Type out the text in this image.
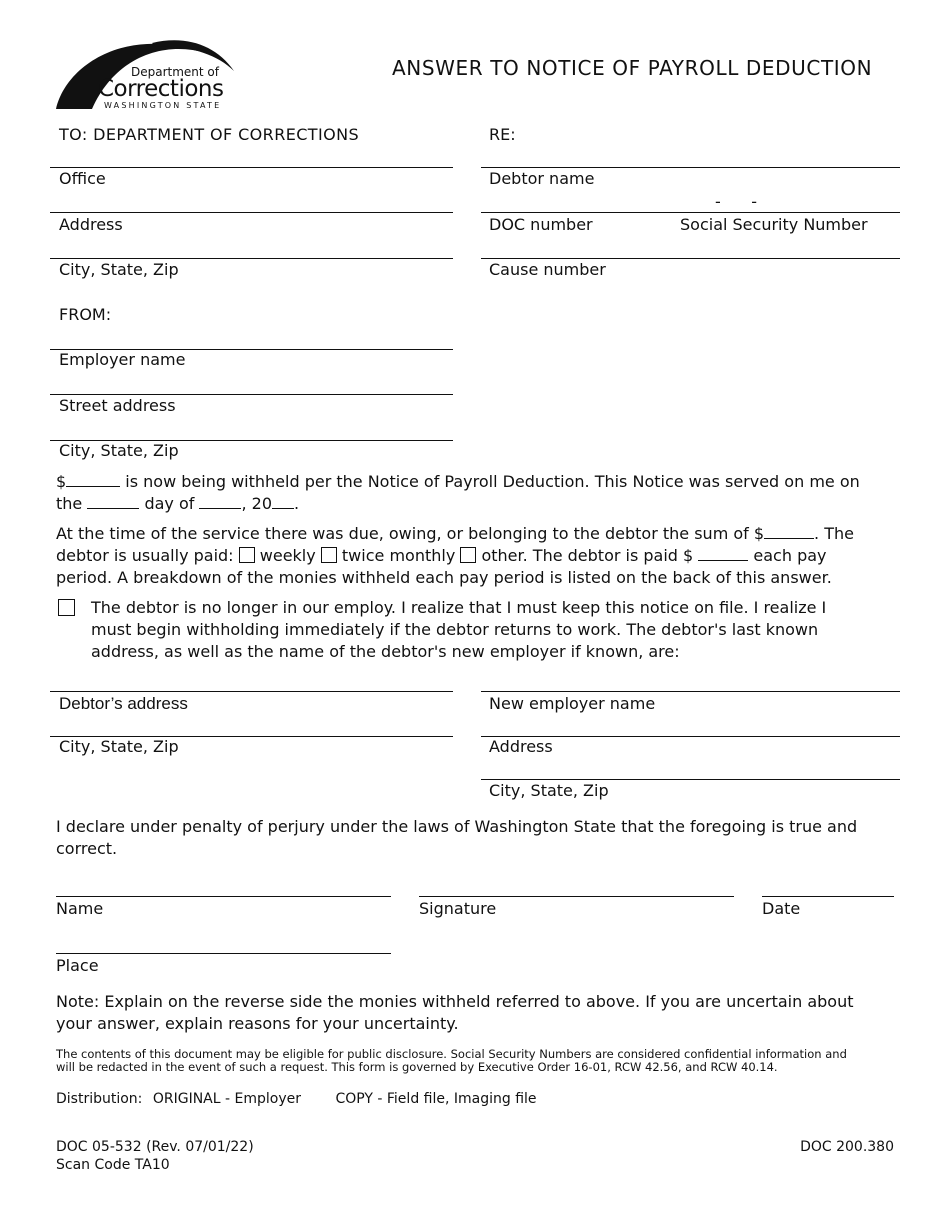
Department of
Corrections
WASHINGTON STATE
ANSWER TO NOTICE OF PAYROLL DEDUCTION
TO: DEPARTMENT OF CORRECTIONS
Office
Address
City, State, Zip
RE:
Debtor name
-      -
DOC number	Social Security Number
Cause number
FROM:
Employer name
Street address
City, State, Zip
$	is now being withheld per the Notice of Payroll Deduction. This Notice was served on me on
the	day of	, 20 .
At the time of the service there was due, owing, or belonging to the debtor the sum of $	. The
debtor is usually paid: weekly twice monthly other. The debtor is paid $	each pay
period. A breakdown of the monies withheld each pay period is listed on the back of this answer.
The debtor is no longer in our employ. I realize that I must keep this notice on file. I realize I
must begin withholding immediately if the debtor returns to work. The debtor's last known
address, as well as the name of the debtor's new employer if known, are:
Debtor’s address
City, State, Zip
New employer name
Address
City, State, Zip
I declare under penalty of perjury under the laws of Washington State that the foregoing is true and
correct.
Name	Signature	Date
Place
Note: Explain on the reverse side the monies withheld referred to above. If you are uncertain about
your answer, explain reasons for your uncertainty.
The contents of this document may be eligible for public disclosure. Social Security Numbers are considered confidential information and
will be redacted in the event of such a request. This form is governed by Executive Order 16-01, RCW 42.56, and RCW 40.14.
Distribution: ORIGINAL - Employer COPY - Field file, Imaging file
DOC 05-532 (Rev. 07/01/22)
Scan Code TA10
DOC 200.380
